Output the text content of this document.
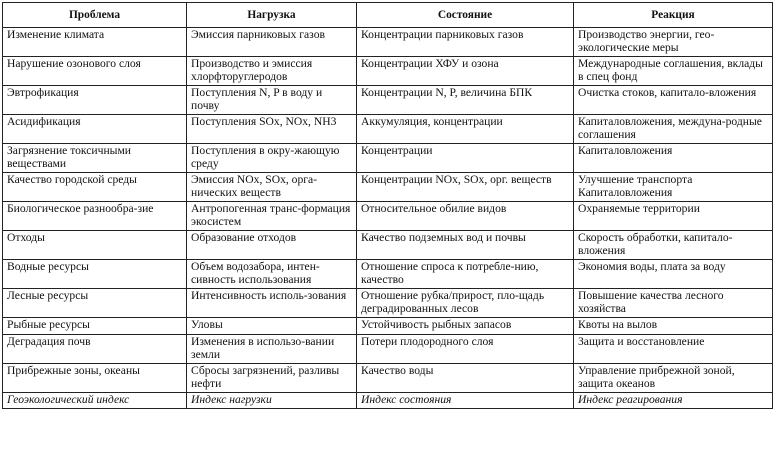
Проблема	Нагрузка	Состояние	Реакция
Изменение климата	Эмиссия парниковых газов	Концентрации парниковых газов	Производство энергии, гео-экологические меры
Нарушение озонового слоя	Производство и эмиссия хлорфторуглеродов	Концентрации ХФУ и озона	Международные соглашения, вклады в спец фонд
Эвтрофикация	Поступления N, P в воду и почву	Концентрации N, P, величина БПК	Очистка стоков, капитало-вложения
Асидификация	Поступления SOx, NOx, NH3	Аккумуляция, концентрации	Капиталовложения, междуна-родные соглашения
Загрязнение токсичными веществами	Поступления в окру-жающую среду	Концентрации	Капиталовложения
Качество городской среды	Эмиссия NOx, SOx, орга-нических веществ	Концентрации NOx, SOx, орг. веществ	Улучшение транспорта Капиталовложения
Биологическое разнообра-зие	Антропогенная транс-формация экосистем	Относительное обилие видов	Охраняемые территории
Отходы	Образование отходов	Качество подземных вод и почвы	Скорость обработки, капитало-вложения
Водные ресурсы	Объем водозабора, интен-сивность использования	Отношение спроса к потребле-нию, качество	Экономия воды, плата за воду
Лесные ресурсы	Интенсивность исполь-зования	Отношение рубка/прирост, пло-щадь деградированных лесов	Повышение качества лесного хозяйства
Рыбные ресурсы	Уловы	Устойчивость рыбных запасов	Квоты на вылов
Деградация почв	Изменения в использо-вании земли	Потери плодородного слоя	Защита и восстановление
Прибрежные зоны, океаны	Сбросы загрязнений, разливы нефти	Качество воды	Управление прибрежной зоной, защита океанов
Геоэкологический индекс	Индекс нагрузки	Индекс состояния	Индекс реагирования
